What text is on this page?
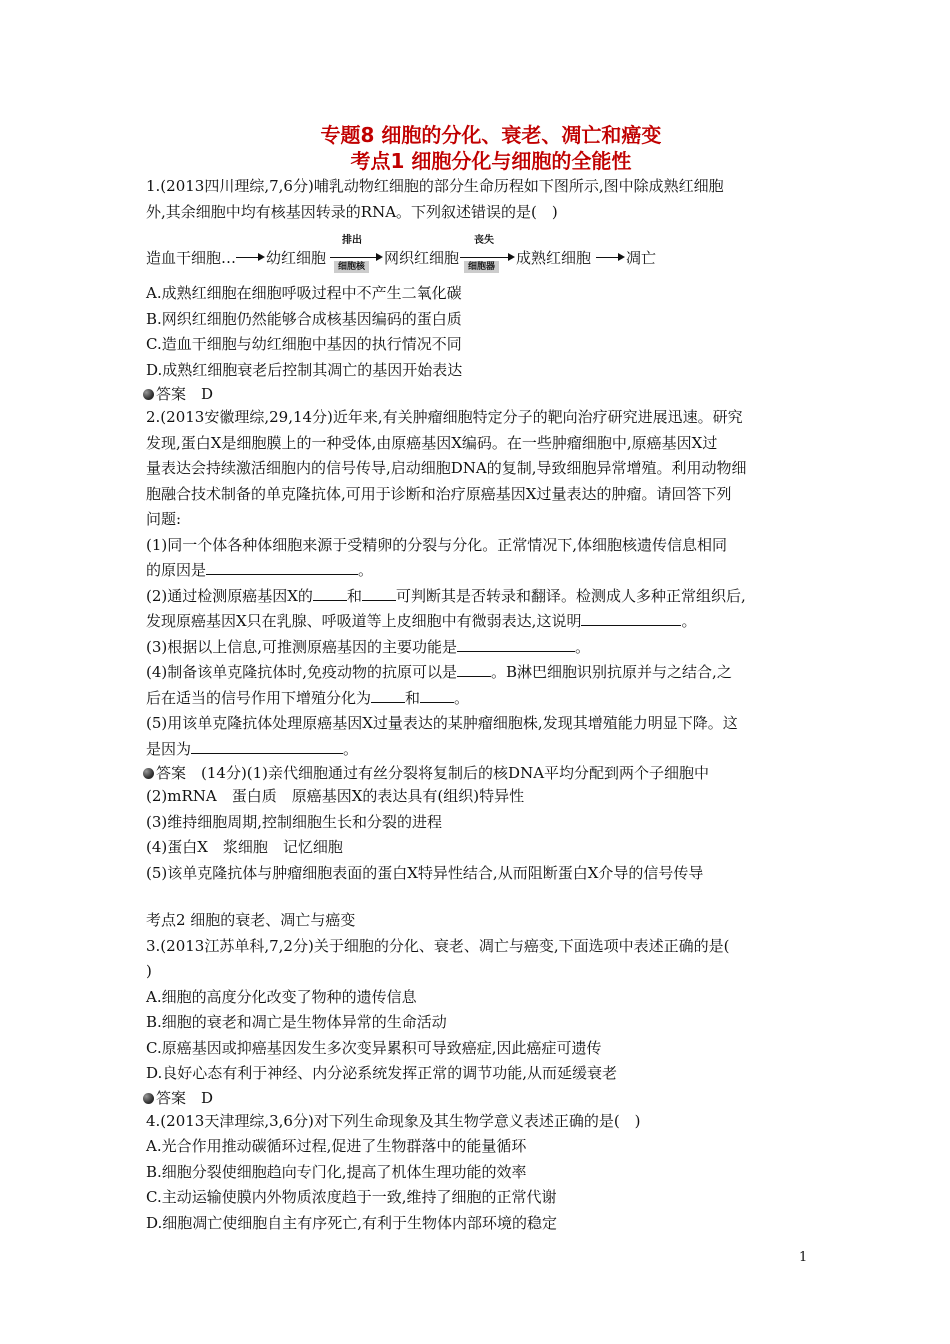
专题8 细胞的分化、衰老、凋亡和癌变
考点1 细胞分化与细胞的全能性
1.(2013四川理综,7,6分)哺乳动物红细胞的部分生命历程如下图所示,图中除成熟红细胞
外,其余细胞中均有核基因转录的RNA。下列叙述错误的是(　)
造血干细胞… 幼红细胞
排出
细胞核 网织红细胞
丧失
细胞器 成熟红细胞 凋亡
A.成熟红细胞在细胞呼吸过程中不产生二氧化碳
B.网织红细胞仍然能够合成核基因编码的蛋白质
C.造血干细胞与幼红细胞中基因的执行情况不同
D.成熟红细胞衰老后控制其凋亡的基因开始表达
答案　D
2.(2013安徽理综,29,14分)近年来,有关肿瘤细胞特定分子的靶向治疗研究进展迅速。研究
发现,蛋白X是细胞膜上的一种受体,由原癌基因X编码。在一些肿瘤细胞中,原癌基因X过
量表达会持续激活细胞内的信号传导,启动细胞DNA的复制,导致细胞异常增殖。利用动物细
胞融合技术制备的单克隆抗体,可用于诊断和治疗原癌基因X过量表达的肿瘤。请回答下列
问题:
(1)同一个体各种体细胞来源于受精卵的分裂与分化。正常情况下,体细胞核遗传信息相同
的原因是	。
(2)通过检测原癌基因X的 和 可判断其是否转录和翻译。检测成人多种正常组织后,
发现原癌基因X只在乳腺、呼吸道等上皮细胞中有微弱表达,这说明	。
(3)根据以上信息,可推测原癌基因的主要功能是	。
(4)制备该单克隆抗体时,免疫动物的抗原可以是 。B淋巴细胞识别抗原并与之结合,之
后在适当的信号作用下增殖分化为 和 。
(5)用该单克隆抗体处理原癌基因X过量表达的某肿瘤细胞株,发现其增殖能力明显下降。这
是因为	。
答案　(14分)(1)亲代细胞通过有丝分裂将复制后的核DNA平均分配到两个子细胞中
(2)mRNA　蛋白质　原癌基因X的表达具有(组织)特异性
(3)维持细胞周期,控制细胞生长和分裂的进程
(4)蛋白X　浆细胞　记忆细胞
(5)该单克隆抗体与肿瘤细胞表面的蛋白X特异性结合,从而阻断蛋白X介导的信号传导
考点2 细胞的衰老、凋亡与癌变
3.(2013江苏单科,7,2分)关于细胞的分化、衰老、凋亡与癌变,下面选项中表述正确的是(
)
A.细胞的高度分化改变了物种的遗传信息
B.细胞的衰老和凋亡是生物体异常的生命活动
C.原癌基因或抑癌基因发生多次变异累积可导致癌症,因此癌症可遗传
D.良好心态有利于神经、内分泌系统发挥正常的调节功能,从而延缓衰老
答案　D
4.(2013天津理综,3,6分)对下列生命现象及其生物学意义表述正确的是(　)
A.光合作用推动碳循环过程,促进了生物群落中的能量循环
B.细胞分裂使细胞趋向专门化,提高了机体生理功能的效率
C.主动运输使膜内外物质浓度趋于一致,维持了细胞的正常代谢
D.细胞凋亡使细胞自主有序死亡,有利于生物体内部环境的稳定
1
